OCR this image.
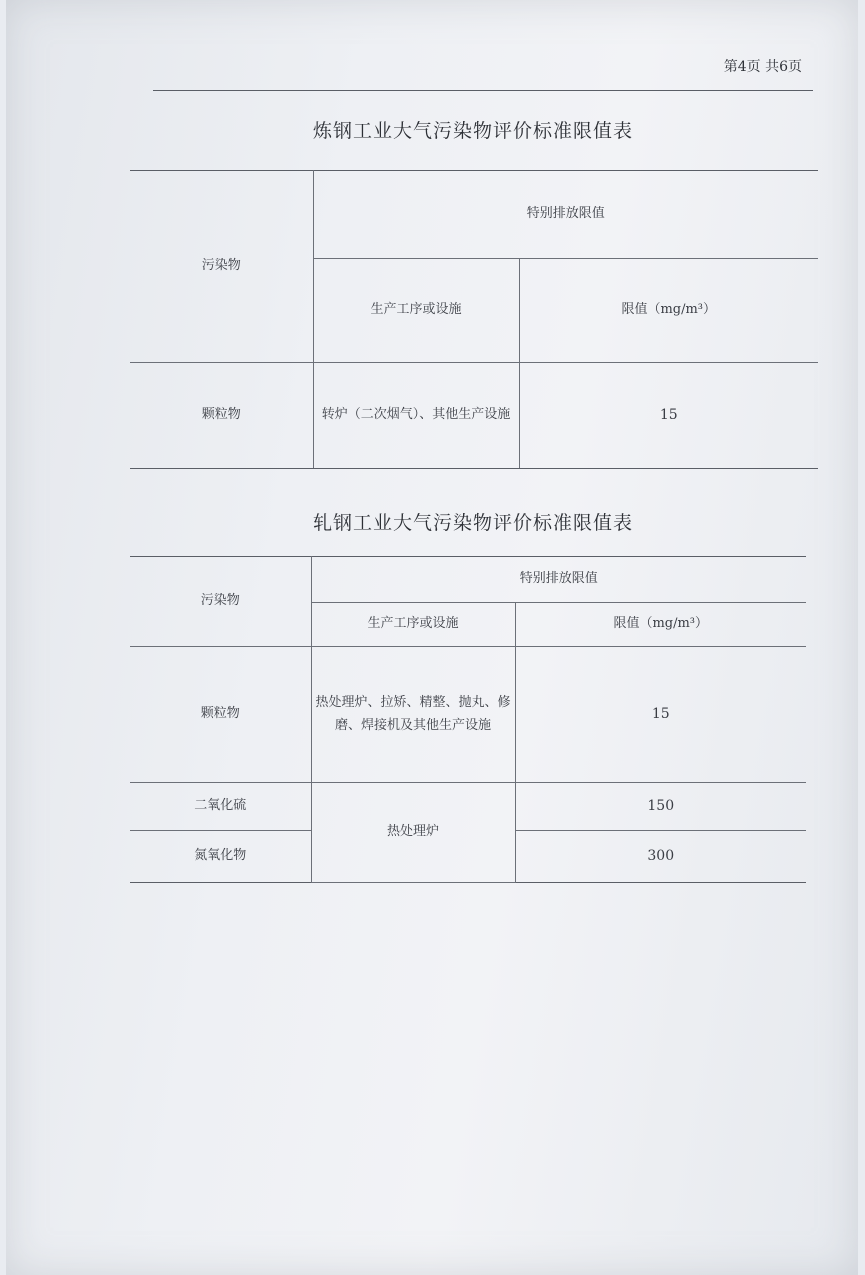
第4页 共6页
炼钢工业大气污染物评价标准限值表
污染物	特别排放限值	
	生产工序或设施	限值（mg/m³）
颗粒物	转炉（二次烟气）、其他生产设施	15
轧钢工业大气污染物评价标准限值表
污染物	特别排放限值	
	生产工序或设施	限值（mg/m³）
颗粒物	热处理炉、拉矫、精整、抛丸、修磨、焊接机及其他生产设施	15
二氧化硫	热处理炉	150
氮氧化物		300
